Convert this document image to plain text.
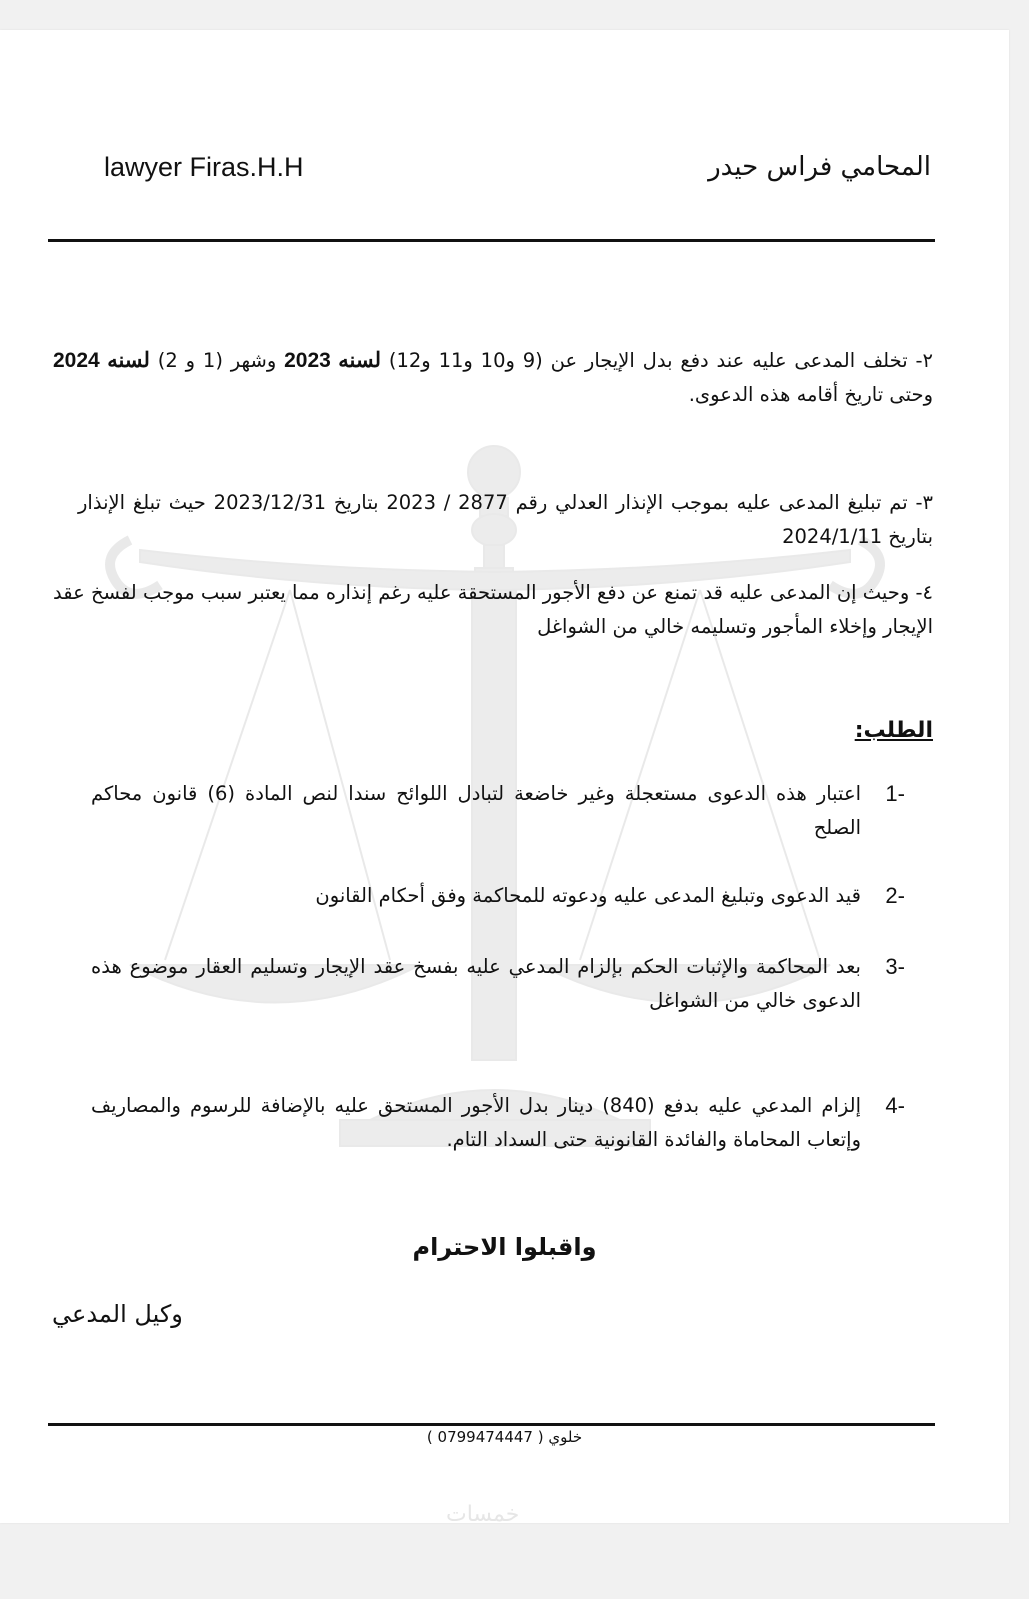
lawyer Firas.H.H	المحامي فراس حيدر
٢- تخلف المدعى عليه عند دفع بدل الإيجار عن (9 و10 و11 و12) لسنه 2023 وشهر (1 و 2) لسنه 2024 وحتى تاريخ أقامه هذه الدعوى.
٣- تم تبليغ المدعى عليه بموجب الإنذار العدلي رقم 2877 / 2023 بتاريخ 2023/12/31 حيث تبلغ الإنذار بتاريخ 2024/1/11
٤- وحيث إن المدعى عليه قد تمنع عن دفع الأجور المستحقة عليه رغم إنذاره مما يعتبر سبب موجب لفسخ عقد الإيجار وإخلاء المأجور وتسليمه خالي من الشواغل
الطلب:
-1
اعتبار هذه الدعوى مستعجلة وغير خاضعة لتبادل اللوائح سندا لنص المادة (6) قانون محاكم الصلح
-2
قيد الدعوى وتبليغ المدعى عليه ودعوته للمحاكمة وفق أحكام القانون
-3
بعد المحاكمة والإثبات الحكم بإلزام المدعي عليه بفسخ عقد الإيجار وتسليم العقار موضوع هذه الدعوى خالي من الشواغل
-4
إلزام المدعي عليه بدفع (840) دينار بدل الأجور المستحق عليه بالإضافة للرسوم والمصاريف وإتعاب المحاماة والفائدة القانونية حتى السداد التام.
واقبلوا الاحترام
وكيل المدعي
خلوي ( 0799474447 )
خمسات
